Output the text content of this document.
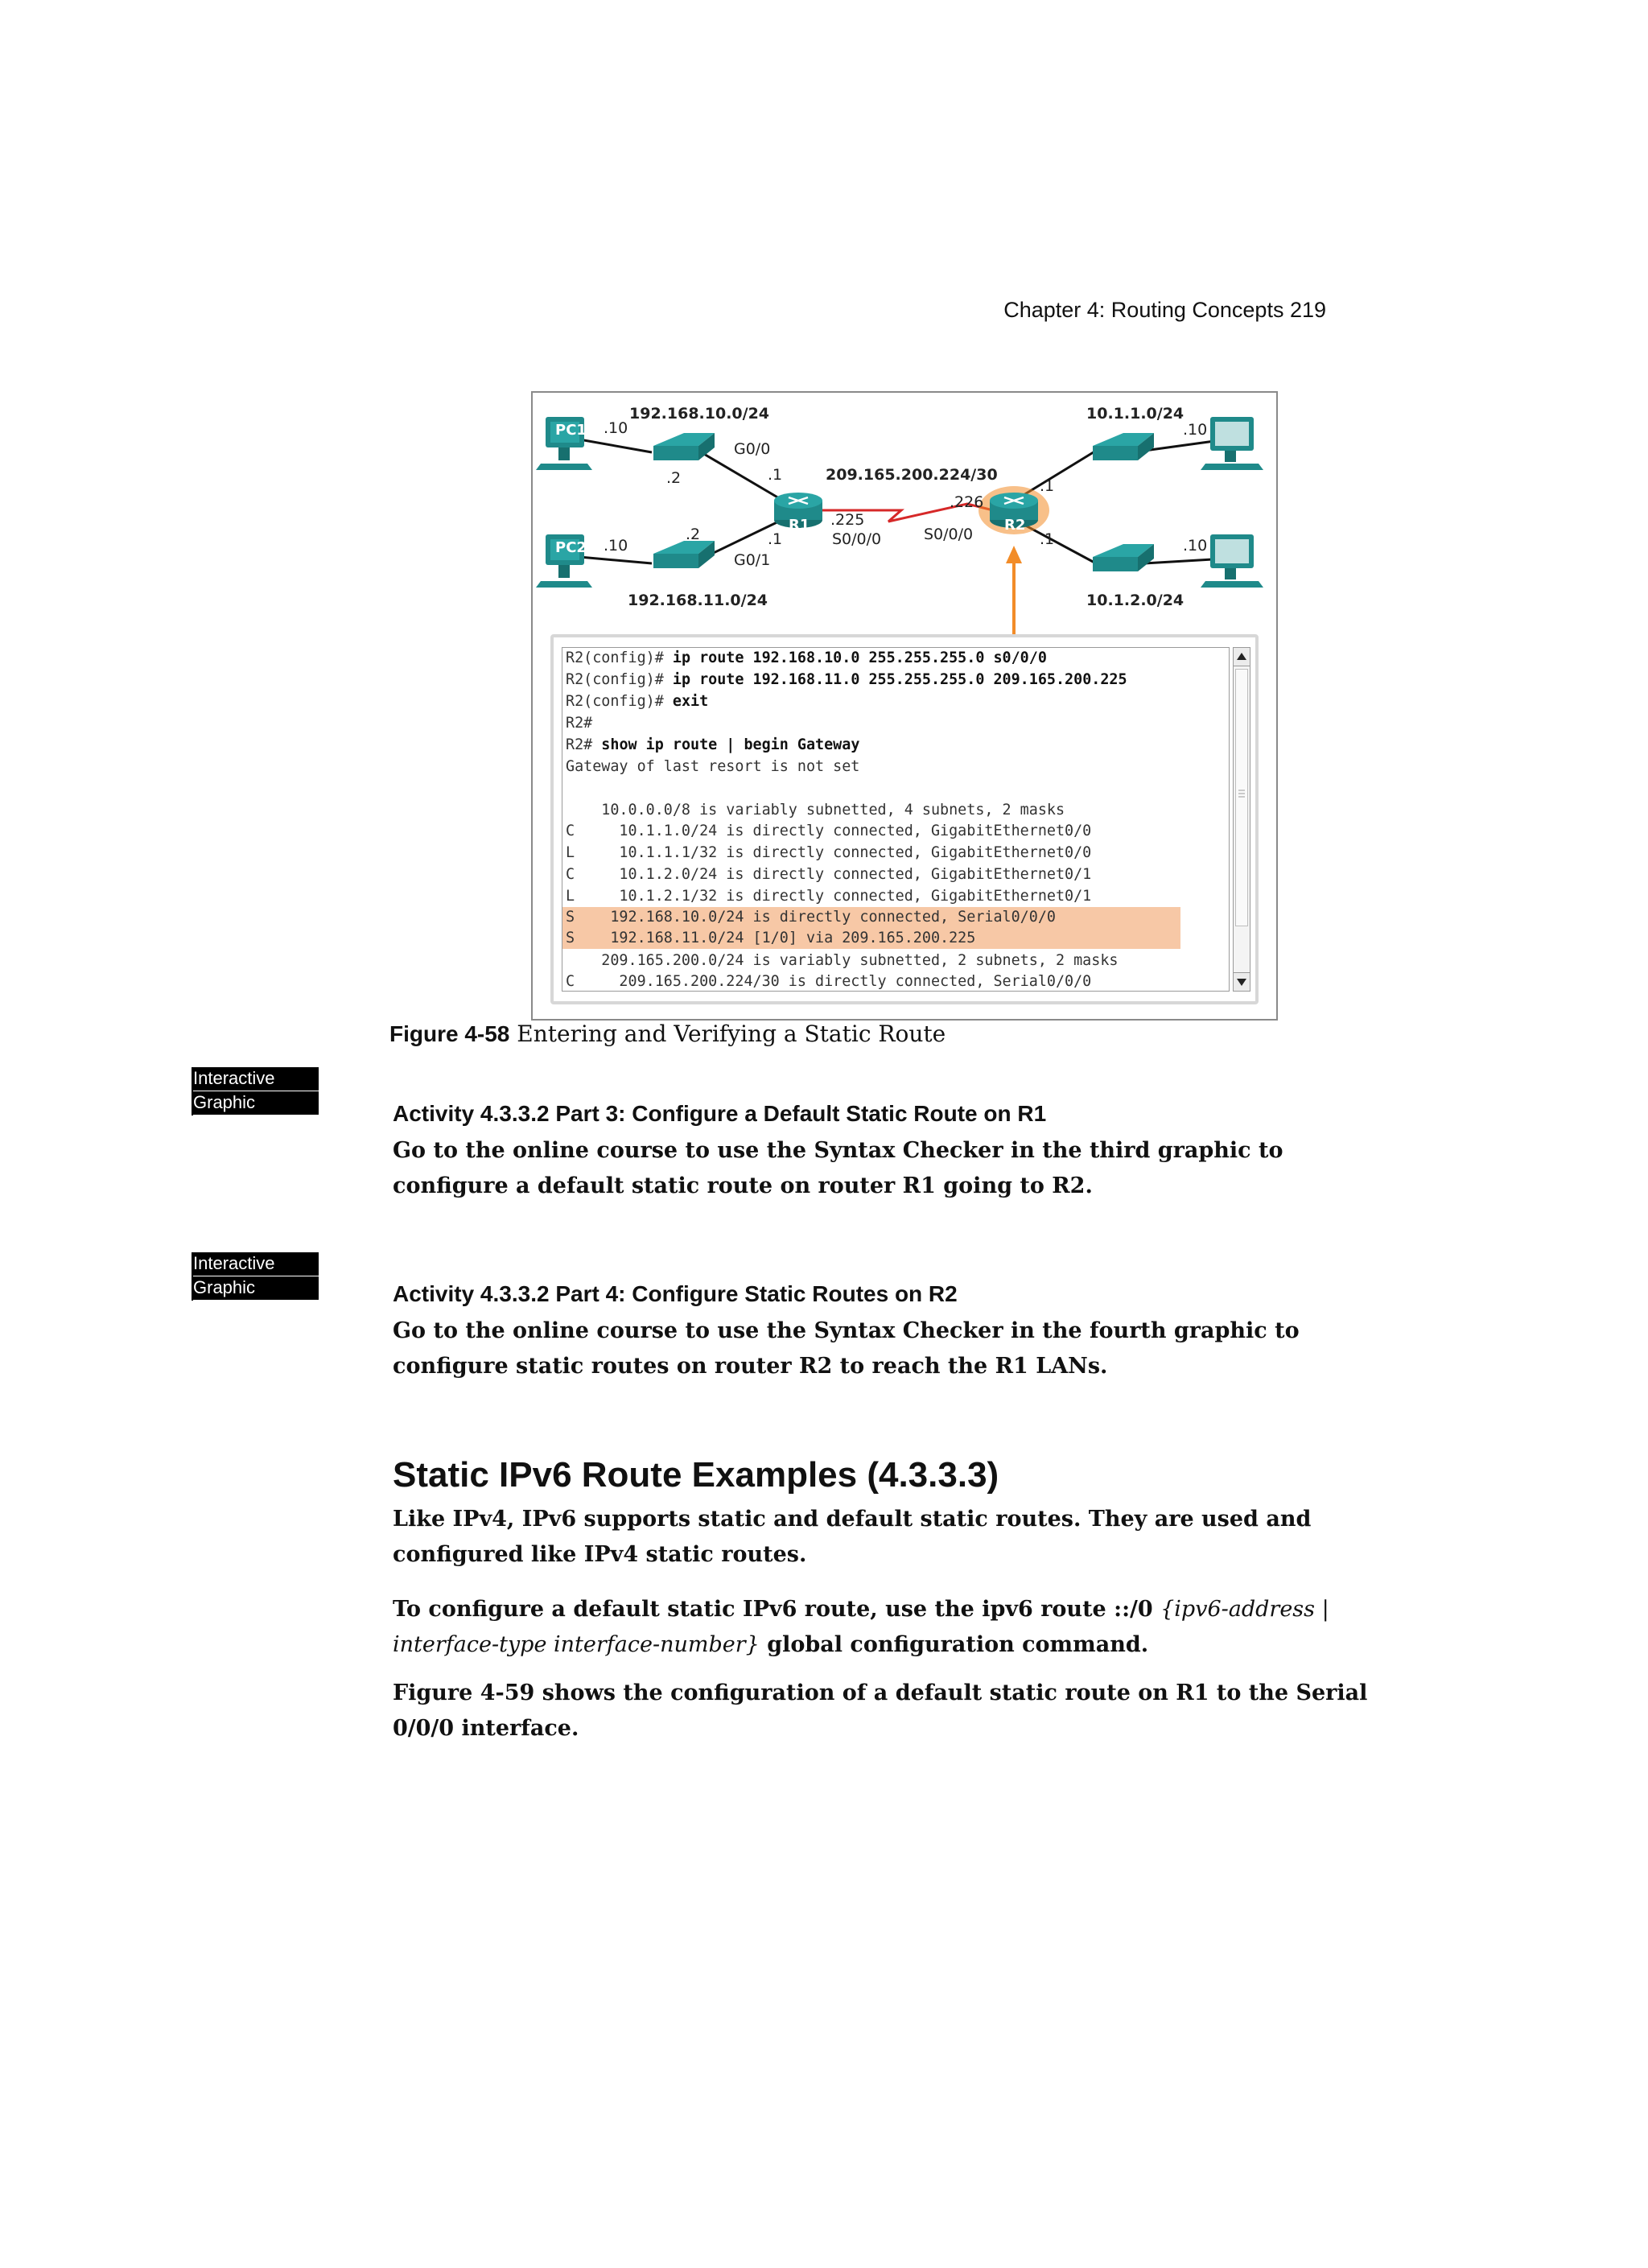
Chapter 4: Routing Concepts 219
192.168.10.0/24
192.168.11.0/24
10.1.1.0/24
10.1.2.0/24
209.165.200.224/30
PC1
PC2
R1	R2
.10
.10
.10
.10
.2
.2
.1
.1
G0/0
G0/1
S0/0/0	S0/0/0
.225
.226
.1
.1
R2(config)# ip route 192.168.10.0 255.255.255.0 s0/0/0
R2(config)# ip route 192.168.11.0 255.255.255.0 209.165.200.225
R2(config)# exit
R2#
R2# show ip route | begin Gateway
Gateway of last resort is not set
10.0.0.0/8 is variably subnetted, 4 subnets, 2 masks
C     10.1.1.0/24 is directly connected, GigabitEthernet0/0
L     10.1.1.1/32 is directly connected, GigabitEthernet0/0
C     10.1.2.0/24 is directly connected, GigabitEthernet0/1
L     10.1.2.1/32 is directly connected, GigabitEthernet0/1
S    192.168.10.0/24 is directly connected, Serial0/0/0
S    192.168.11.0/24 [1/0] via 209.165.200.225
209.165.200.0/24 is variably subnetted, 2 subnets, 2 masks
C     209.165.200.224/30 is directly connected, Serial0/0/0
Figure 4-58 Entering and Verifying a Static Route
Interactive
Graphic	Activity 4.3.3.2 Part 3: Configure a Default Static Route on R1
Go to the online course to use the Syntax Checker in the third graphic to configure a default static route on router R1 going to R2.
Interactive
Graphic	Activity 4.3.3.2 Part 4: Configure Static Routes on R2
Go to the online course to use the Syntax Checker in the fourth graphic to configure static routes on router R2 to reach the R1 LANs.
Static IPv6 Route Examples (4.3.3.3)
Like IPv4, IPv6 supports static and default static routes. They are used and configured like IPv4 static routes.
To configure a default static IPv6 route, use the ipv6 route ::/0 {ipv6-address | interface-type interface-number} global configuration command.
Figure 4-59 shows the configuration of a default static route on R1 to the Serial 0/0/0 interface.
